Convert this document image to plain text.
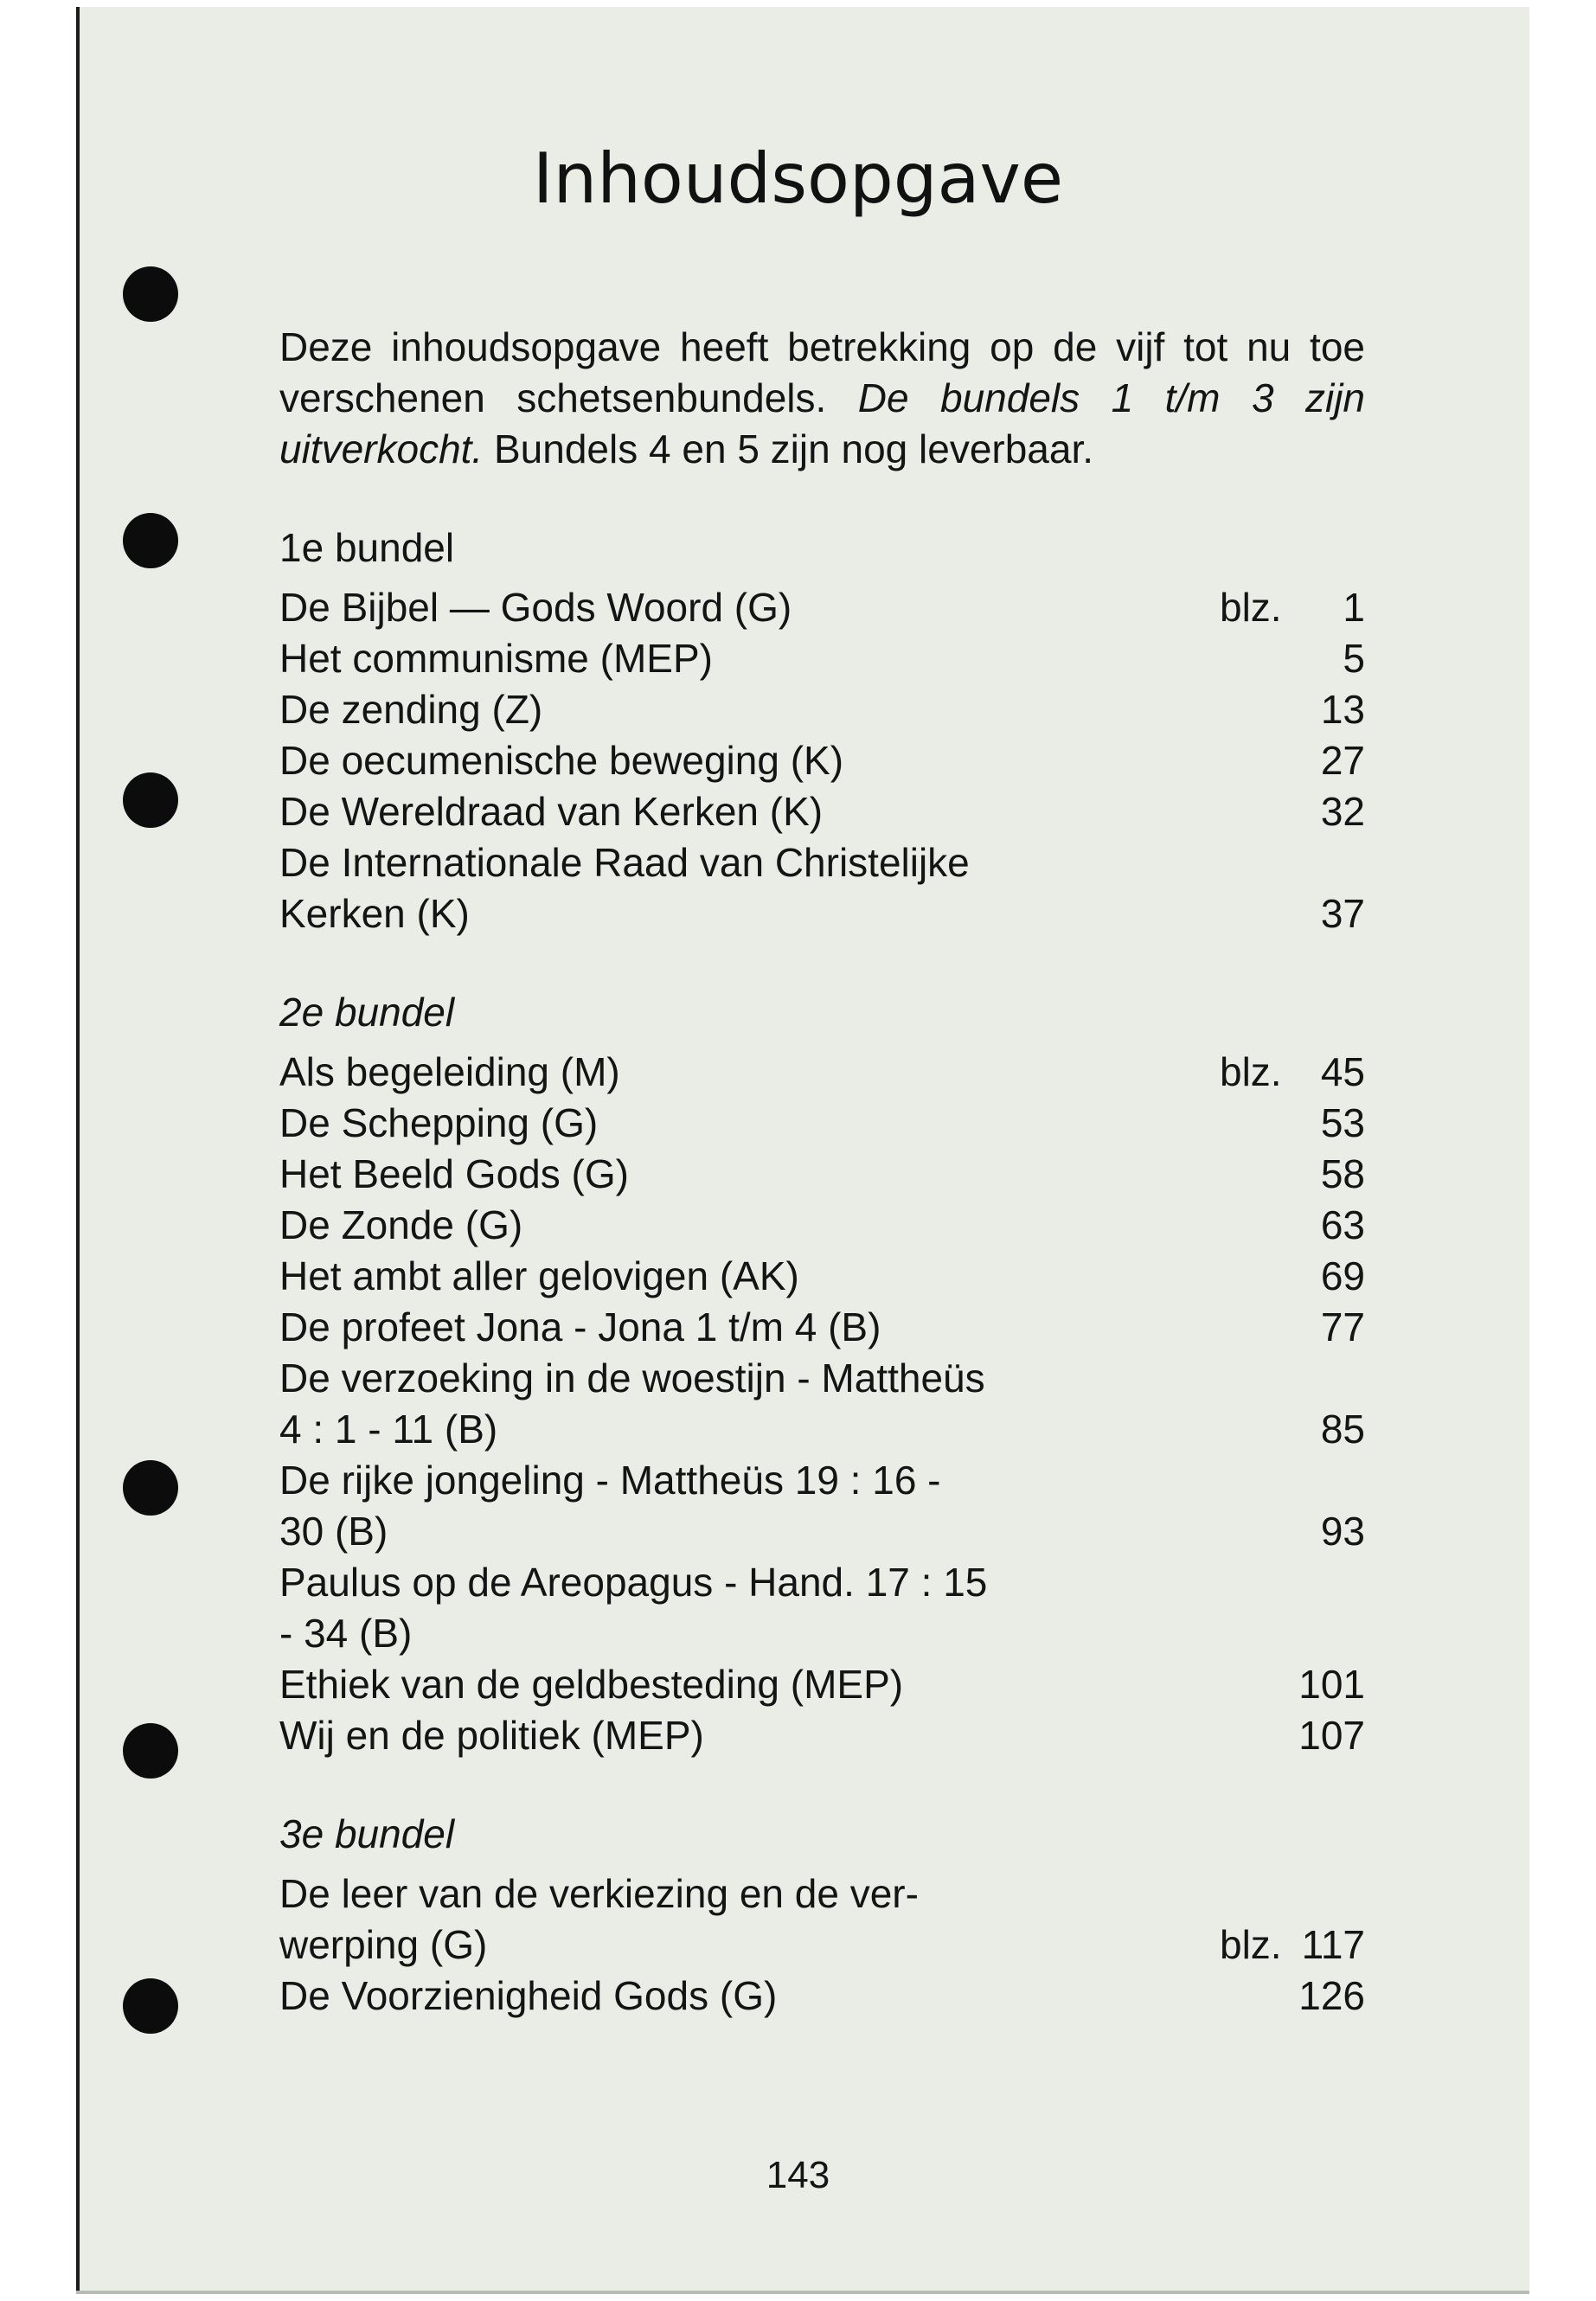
Inhoudsopgave

Deze inhoudsopgave heeft betrekking op de vijf tot nu toe verschenen schetsenbundels. De bundels 1 t/m 3 zijn uitverkocht. Bundels 4 en 5 zijn nog leverbaar.

1e bundel
De Bijbel — Gods Woord (G)	blz.	1
Het communisme (MEP)	5
De zending (Z)	13
De oecumenische beweging (K)	27
De Wereldraad van Kerken (K)	32
De Internationale Raad van Christelijke
Kerken (K)	37
2e bundel
Als begeleiding (M)	blz. 45
De Schepping (G)	53
Het Beeld Gods (G)	58
De Zonde (G)	63
Het ambt aller gelovigen (AK)	69
De profeet Jona - Jona 1 t/m 4 (B)	77
De verzoeking in de woestijn - Mattheüs
4 : 1 - 11 (B)	85
De rijke jongeling - Mattheüs 19 : 16 -
30 (B)	93
Paulus op de Areopagus - Hand. 17 : 15
- 34 (B)
Ethiek van de geldbesteding (MEP)	101
Wij en de politiek (MEP)	107
3e bundel
De leer van de verkiezing en de ver-
werping (G)	blz. 117
De Voorzienigheid Gods (G)	126
143
